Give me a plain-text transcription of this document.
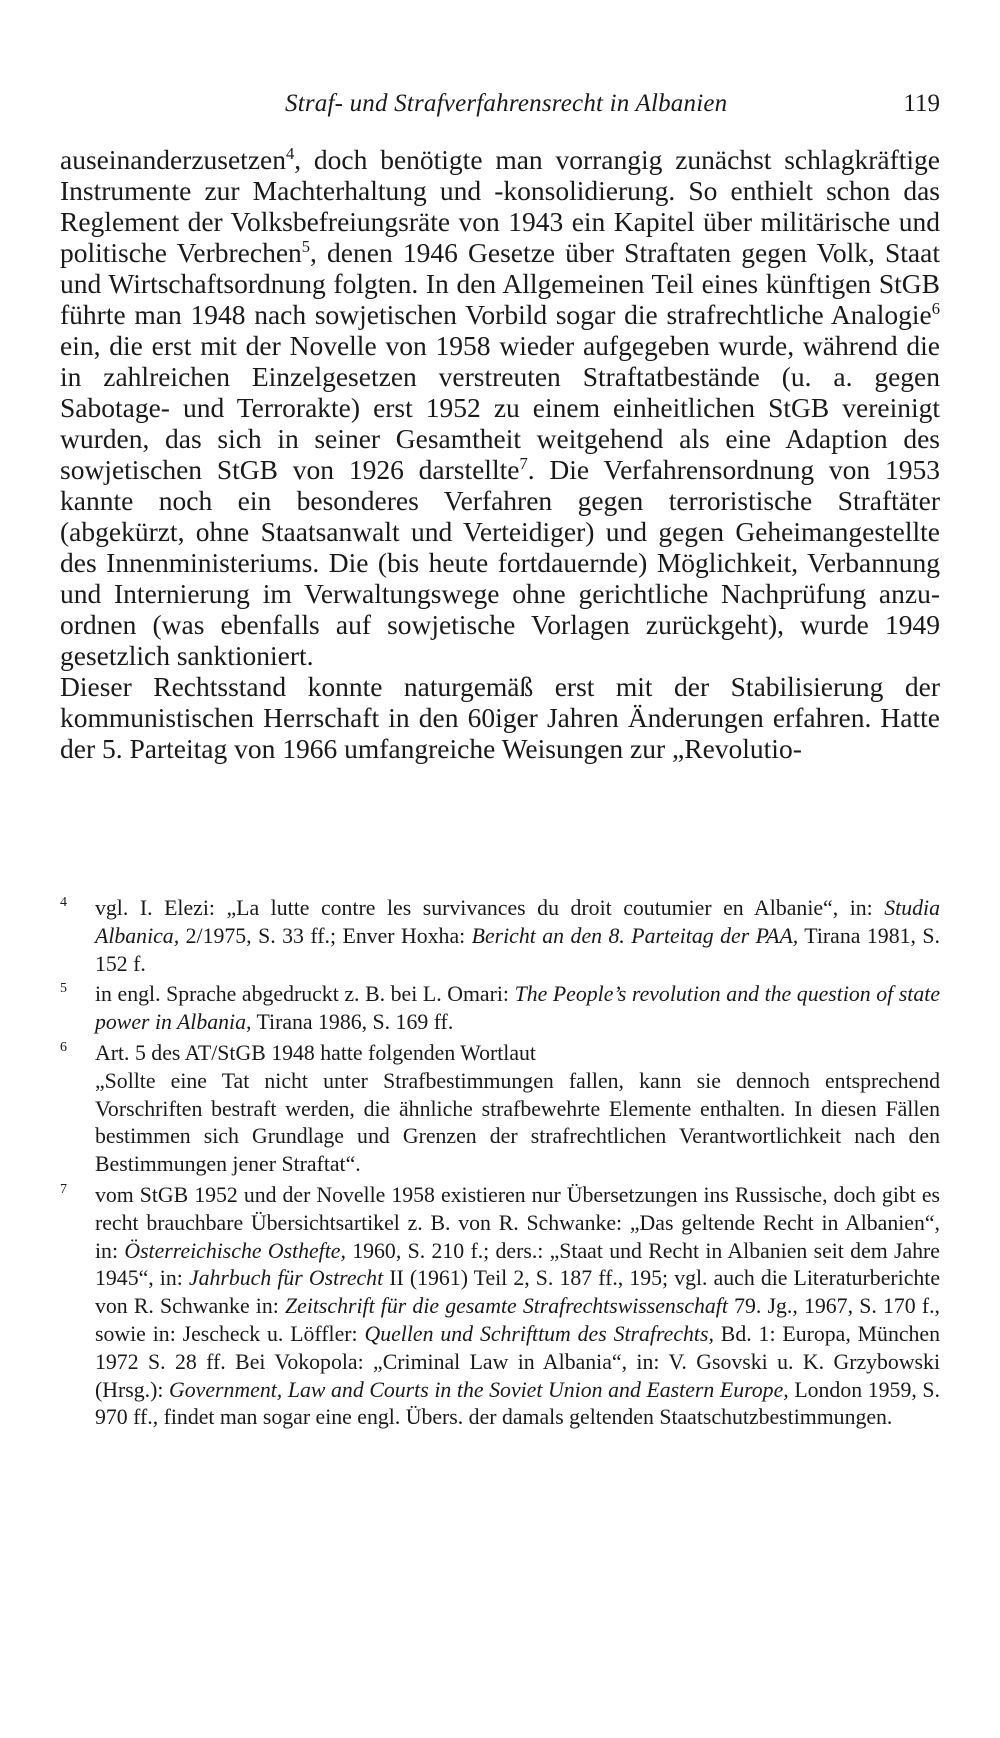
Straf- und Strafverfahrensrecht in Albanien	119

auseinanderzusetzen$^4$, doch benötigte man vorrangig zunächst schlagkräftige Instrumente zur Machterhaltung und -konsolidierung. So enthielt schon das Reglement der Volksbefreiungsräte von 1943 ein Kapitel über militärische und politische Verbrechen$^5$, denen 1946 Gesetze über Straftaten gegen Volk, Staat und Wirtschaftsordnung folgten. In den Allgemeinen Teil eines künftigen StGB führte man 1948 nach sowjetischen Vorbild sogar die strafrechtliche Analogie$^6$ ein, die erst mit der Novelle von 1958 wieder aufgegeben wurde, während die in zahlreichen Einzelgesetzen verstreuten Straftatbestände (u. a. gegen Sabotage- und Terrorakte) erst 1952 zu einem einheitlichen StGB vereinigt wurden, das sich in seiner Gesamtheit weitgehend als eine Adaption des sowjetischen StGB von 1926 darstellte$^7$. Die Verfahrensordnung von 1953 kannte noch ein besonderes Verfahren gegen terroristische Straftäter (abgekürzt, ohne Staatsanwalt und Verteidiger) und gegen Geheimangestellte des Innenministeriums. Die (bis heute fortdauernde) Möglichkeit, Verbannung und Internierung im Verwaltungswege ohne gerichtliche Nachprüfung anzuordnen (was ebenfalls auf sowjetische Vorlagen zurückgeht), wurde 1949 gesetzlich sanktioniert.

Dieser Rechtsstand konnte naturgemäß erst mit der Stabilisierung der kommunistischen Herrschaft in den 60iger Jahren Änderungen erfahren. Hatte der 5. Parteitag von 1966 umfangreiche Weisungen zur „Revolutio-

4 vgl. I. Elezi: „La lutte contre les survivances du droit coutumier en Albanie“, in: Studia Albanica, 2/1975, S. 33 ff.; Enver Hoxha: Bericht an den 8. Parteitag der PAA, Tirana 1981, S. 152 f.

5 in engl. Sprache abgedruckt z. B. bei L. Omari: The People’s revolution and the question of state power in Albania, Tirana 1986, S. 169 ff.

6 Art. 5 des AT/StGB 1948 hatte folgenden Wortlaut
„Sollte eine Tat nicht unter Strafbestimmungen fallen, kann sie dennoch entsprechend Vorschriften bestraft werden, die ähnliche strafbewehrte Elemente enthalten. In diesen Fällen bestimmen sich Grundlage und Grenzen der strafrechtlichen Verantwortlichkeit nach den Bestimmungen jener Straftat“.

7 vom StGB 1952 und der Novelle 1958 existieren nur Übersetzungen ins Russische, doch gibt es recht brauchbare Übersichtsartikel z. B. von R. Schwanke: „Das geltende Recht in Albanien“, in: Österreichische Osthefte, 1960, S. 210 f.; ders.: „Staat und Recht in Albanien seit dem Jahre 1945“, in: Jahrbuch für Ostrecht II (1961) Teil 2, S. 187 ff., 195; vgl. auch die Literaturberichte von R. Schwanke in: Zeitschrift für die gesamte Strafrechtswissenschaft 79. Jg., 1967, S. 170 f., sowie in: Jescheck u. Löffler: Quellen und Schrifttum des Strafrechts, Bd. 1: Europa, München 1972 S. 28 ff. Bei Vokopola: „Criminal Law in Albania“, in: V. Gsovski u. K. Grzybowski (Hrsg.): Government, Law and Courts in the Soviet Union and Eastern Europe, London 1959, S. 970 ff., findet man sogar eine engl. Übers. der damals geltenden Staatschutzbestimmungen.
